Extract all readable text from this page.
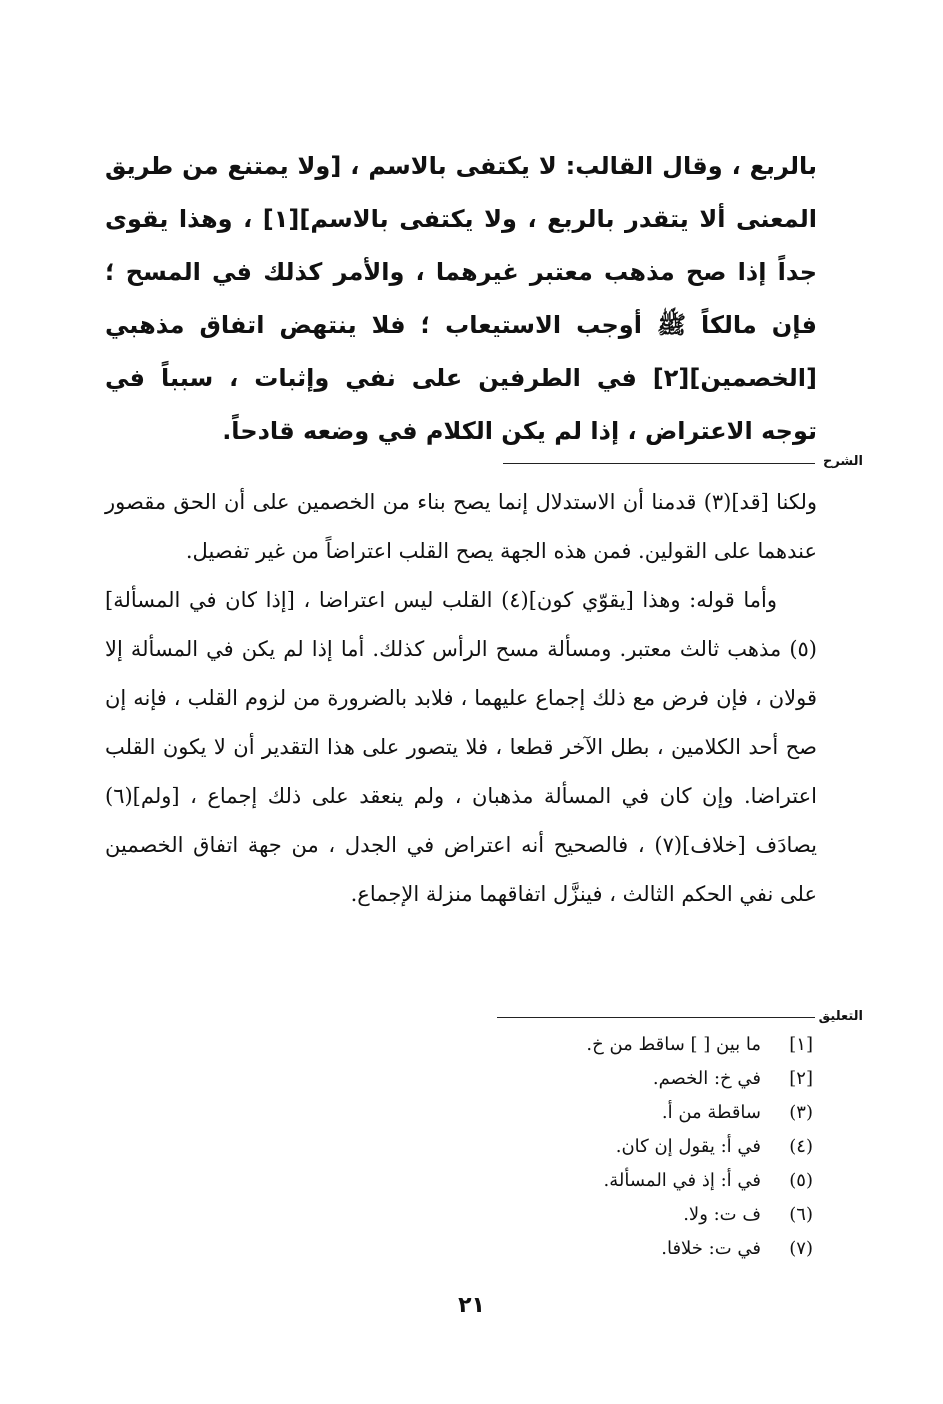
بالربع ، وقال القالب: لا يكتفى بالاسم ، [ولا يمتنع من طريق المعنى ألا يتقدر بالربع ، ولا يكتفى بالاسم][١] ، وهذا يقوى جداً إذا صح مذهب معتبر غيرهما ، والأمر كذلك في المسح ؛ فإن مالكاً ﷺ أوجب الاستيعاب ؛ فلا ينتهض اتفاق مذهبي [الخصمين][٢] في الطرفين على نفي وإثبات ، سبباً في توجه الاعتراض ، إذا لم يكن الكلام في وضعه قادحاً.

الشرح

ولكنا [قد](٣) قدمنا أن الاستدلال إنما يصح بناء من الخصمين على أن الحق مقصور عندهما على القولين. فمن هذه الجهة يصح القلب اعتراضاً من غير تفصيل.

وأما قوله: وهذا [يقوّي كون](٤) القلب ليس اعتراضا ، [إذا كان في المسألة](٥) مذهب ثالث معتبر. ومسألة مسح الرأس كذلك. أما إذا لم يكن في المسألة إلا قولان ، فإن فرض مع ذلك إجماع عليهما ، فلابد بالضرورة من لزوم القلب ، فإنه إن صح أحد الكلامين ، بطل الآخر قطعا ، فلا يتصور على هذا التقدير أن لا يكون القلب اعتراضا. وإن كان في المسألة مذهبان ، ولم ينعقد على ذلك إجماع ، [ولم](٦) يصادَف [خلاف](٧) ، فالصحيح أنه اعتراض في الجدل ، من جهة اتفاق الخصمين على نفي الحكم الثالث ، فينزَّل اتفاقهما منزلة الإجماع.

التعليق
[١]
ما بين [ ] ساقط من خ.
[٢]
في خ: الخصم.
(٣)
ساقطة من أ.
(٤)
في أ: يقول إن كان.
(٥)
في أ: إذ في المسألة.
(٦)
ف ت: ولا.
(٧)
في ت: خلافا.
٢١
